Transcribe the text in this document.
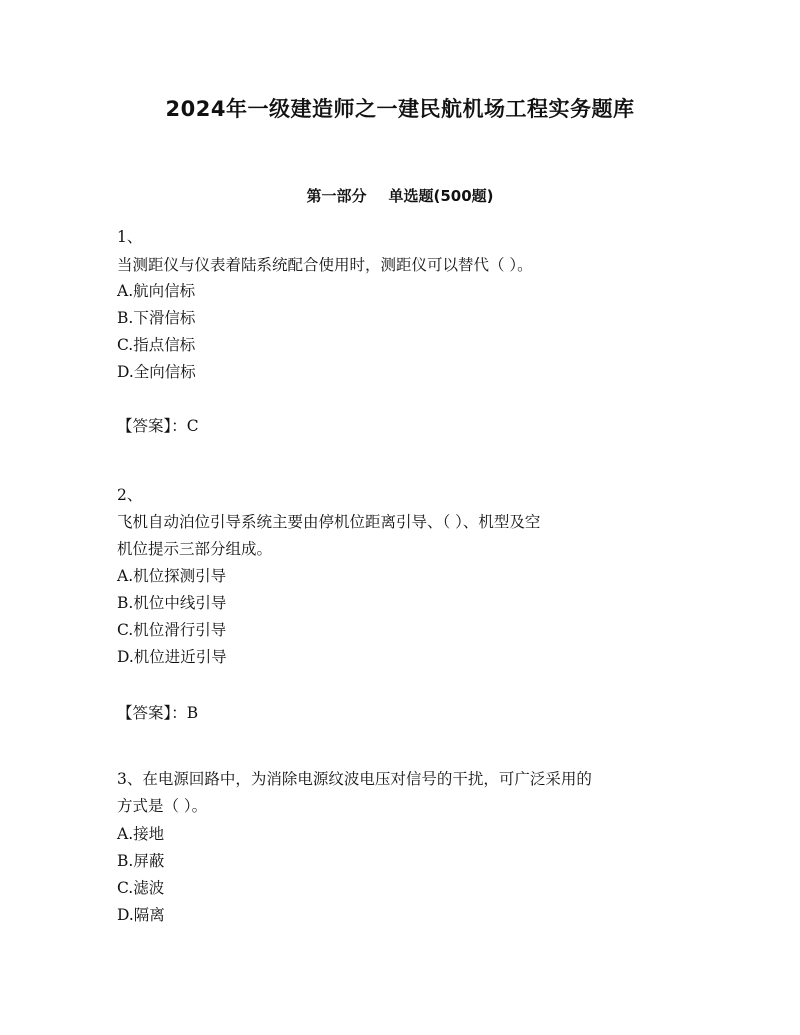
2024年一级建造师之一建民航机场工程实务题库
第一部分 单选题(500题)
1、
当测距仪与仪表着陆系统配合使用时，测距仪可以替代（ ）。
A.航向信标
B.下滑信标
C.指点信标
D.全向信标
【答案】：C
2、
飞机自动泊位引导系统主要由停机位距离引导、（ ）、机型及空
机位提示三部分组成。
A.机位探测引导
B.机位中线引导
C.机位滑行引导
D.机位进近引导
【答案】：B
3、在电源回路中，为消除电源纹波电压对信号的干扰，可广泛采用的
方式是（ ）。
A.接地
B.屏蔽
C.滤波
D.隔离
